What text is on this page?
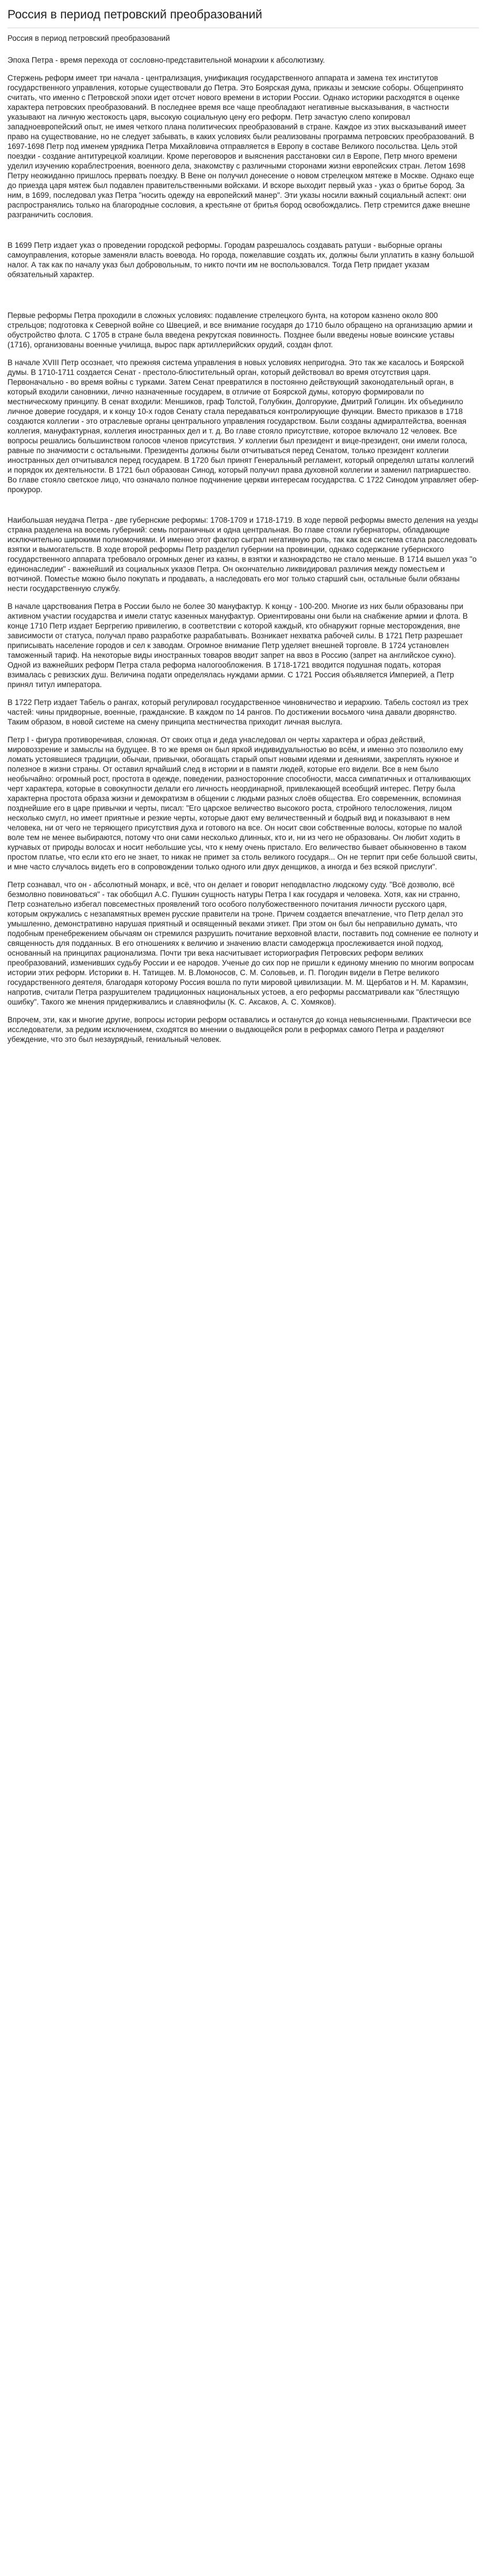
Россия в период петровский преобразований
Россия в период петровский преобразований

Эпоха Петра - время перехода от сословно-представительной монархии к абсолютизму.

Стержень реформ имеет три начала - централизация, унификация государственного аппарата и замена тех институтов государственного управления, которые существовали до Петра. Это Боярская дума, приказы и земские соборы. Общепринято считать, что именно с Петровской эпохи идет отсчет нового времени в истории России. Однако историки расходятся в оценке характера петровских преобразований. В последнее время все чаще преобладают негативные высказывания, в частности указывают на личную жестокость царя, высокую социальную цену его реформ. Петр зачастую слепо копировал западноевропейский опыт, не имея четкого плана политических преобразований в стране. Каждое из этих высказываний имеет право на существование, но не следует забывать, в каких условиях были реализованы программа петровских преобразований. В 1697-1698 Петр под именем урядника Петра Михайловича отправляется в Европу в составе Великого посольства. Цель этой поездки - создание антитурецкой коалиции. Кроме переговоров и выяснения расстановки сил в Европе, Петр много времени уделил изучению кораблестроения, военного дела, знакомству с различными сторонами жизни европейских стран. Летом 1698 Петру неожиданно пришлось прервать поездку. В Вене он получил донесение о новом стрелецком мятеже в Москве. Однако еще до приезда царя мятеж был подавлен правительственными войсками. И вскоре выходит первый указ - указ о бритье бород. За ним, в 1699, последовал указ Петра "носить одежду на европейский манер". Эти указы носили важный социальный аспект: они распространялись только на благородные сословия, а крестьяне от бритья бород освобождались. Петр стремится даже внешне разграничить сословия.

В 1699 Петр издает указ о проведении городской реформы. Городам разрешалось создавать ратуши - выборные органы самоуправления, которые заменяли власть воевода. Но города, пожелавшие создать их, должны были уплатить в казну большой налог. А так как по началу указ был добровольным, то никто почти им не воспользовался. Тогда Петр придает указам обязательный характер.

Первые реформы Петра проходили в сложных условиях: подавление стрелецкого бунта, на котором казнено около 800 стрельцов; подготовка к Северной войне со Швецией, и все внимание государя до 1710 было обращено на организацию армии и обустройство флота. С 1705 в стране была введена рекрутская повинность. Позднее были введены новые воинские уставы (1716), организованы военные училища, вырос парк артиллерийских орудий, создан флот.

В начале XVIII Петр осознает, что прежняя система управления в новых условиях непригодна. Это так же касалось и Боярской думы. В 1710-1711 создается Сенат - престоло-блюстительный орган, который действовал во время отсутствия царя. Первоначально - во время войны с турками. Затем Сенат превратился в постоянно действующий законодательный орган, в который входили сановники, лично назначенные государем, в отличие от Боярской думы, которую формировали по местническому принципу. В сенат входили: Меншиков, граф Толстой, Голубкин, Долгорукие, Дмитрий Голицин. Их объединило личное доверие государя, и к концу 10-х годов Сенату стала передаваться контролирующие функции. Вместо приказов в 1718 создаются коллегии - это отраслевые органы центрального управления государством. Были созданы адмиралтейства, военная коллегия, мануфактурная, коллегия иностранных дел и т. д. Во главе стояло присутствие, которое включало 12 человек. Все вопросы решались большинством голосов членов присутствия. У коллегии был президент и вице-президент, они имели голоса, равные по значимости с остальными. Президенты должны были отчитываться перед Сенатом, только президент коллегии иностранных дел отчитывался перед государем. В 1720 был принят Генеральный регламент, который определял штаты коллегий и порядок их деятельности. В 1721 был образован Синод, который получил права духовной коллегии и заменил патриаршество. Во главе стояло светское лицо, что означало полное подчинение церкви интересам государства. С 1722 Синодом управляет обер-прокурор.

Наибольшая неудача Петра - две губернские реформы: 1708-1709 и 1718-1719. В ходе первой реформы вместо деления на уезды страна разделена на восемь губерний: семь пограничных и одна центральная. Во главе стояли губернаторы, обладающие исключительно широкими полномочиями. И именно этот фактор сыграл негативную роль, так как вся система стала расследовать взятки и вымогательств. В ходе второй реформы Петр разделил губернии на провинции, однако содержание губернского государственного аппарата требовало огромных денег из казны, в взятки и казнокрадство не стало меньше. В 1714 вышел указ "о единонаследии" - важнейший из социальных указов Петра. Он окончательно ликвидировал различия между поместьем и вотчиной. Поместье можно было покупать и продавать, а наследовать его мог только старший сын, остальные были обязаны нести государственную службу.

В начале царствования Петра в России было не более 30 мануфактур. К концу - 100-200. Многие из них были образованы при активном участии государства и имели статус казенных мануфактур. Ориентированы они были на снабжение армии и флота. В конце 1710 Петр издает Бергрегию привилегию, в соответствии с которой каждый, кто обнаружит горные месторождения, вне зависимости от статуса, получал право разработке разрабатывать. Возникает нехватка рабочей силы. В 1721 Петр разрешает приписывать население городов и сел к заводам. Огромное внимание Петр уделяет внешней торговле. В 1724 установлен таможенный тариф. На некоторые виды иностранных товаров вводит запрет на ввоз в Россию (запрет на английское сукно). Одной из важнейших реформ Петра стала реформа налогообложения. В 1718-1721 вводится подушная подать, которая взималась с ревизских душ. Величина подати определялась нуждами армии. С 1721 Россия объявляется Империей, а Петр принял титул императора.

В 1722 Петр издает Табель о рангах, который регулировал государственное чиновничество и иерархию. Табель состоял из трех частей: чины придворные, военные, гражданские. В каждом по 14 рангов. По достижении восьмого чина давали дворянство. Таким образом, в новой системе на смену принципа местничества приходит личная выслуга.

Петр I - фигура противоречивая, сложная. От своих отца и деда унаследовал он черты характера и образ действий, мировоззрение и замыслы на будущее. В то же время он был яркой индивидуальностью во всём, и именно это позволило ему ломать устоявшиеся традиции, обычаи, привычки, обогащать старый опыт новыми идеями и деяниями, закреплять нужное и полезное в жизни страны. От оставил ярчайший след в истории и в памяти людей, которые его видели. Все в нем было необычайно: огромный рост, простота в одежде, поведении, разносторонние способности, масса симпатичных и отталкивающих черт характера, которые в совокупности делали его личность неординарной, привлекающей всеобщий интерес. Петру была характерна простота образа жизни и демократизм в общении с людьми разных слоёв общества. Его современник, вспоминая позднейшие его в царе привычки и черты, писал: "Его царское величество высокого роста, стройного телосложения, лицом несколько смугл, но имеет приятные и резкие черты, которые дают ему величественный и бодрый вид и показывают в нем человека, ни от чего не теряющего присутствия духа и готового на все. Он носит свои собственные волосы, которые по малой воле тем не менее выбираются, потому что они сами несколько длинных, кто и, ни из чего не образованы. Он любит ходить в курчавых от природы волосах и носит небольшие усы, что к нему очень пристало. Его величество бывает обыкновенно в таком простом платье, что если кто его не знает, то никак не примет за столь великого государя... Он не терпит при себе большой свиты, и мне часто случалось видеть его в сопровождении только одного или двух денщиков, а иногда и без всякой прислуги".

Петр сознавал, что он - абсолютный монарх, и всё, что он делает и говорит неподвластно людскому суду. "Всё дозволю, всё безмолвно повиноваться" - так обобщил А.С. Пушкин сущность натуры Петра I как государя и человека. Хотя, как ни странно, Петр сознательно избегал повсеместных проявлений того особого полубожественного почитания личности русского царя, которым окружались с незапамятных времен русские правители на троне. Причем создается впечатление, что Петр делал это умышленно, демонстративно нарушая приятный и освященный веками этикет. При этом он был бы неправильно думать, что подобным пренебрежением обычаям он стремился разрушить почитание верховной власти, поставить под сомнение ее полноту и священность для подданных. В его отношениях к величию и значению власти самодержца прослеживается иной подход, основанный на принципах рационализма. Почти три века насчитывает историография Петровских реформ великих преобразований, изменивших судьбу России и ее народов. Ученые до сих пор не пришли к единому мнению по многим вопросам истории этих реформ. Историки в. Н. Татищев. М. В.Ломоносов, С. М. Соловьев, и. П. Погодин видели в Петре великого государственного деятеля, благодаря которому Россия вошла по пути мировой цивилизации. М. М. Щербатов и Н. М. Карамзин, напротив, считали Петра разрушителем традиционных национальных устоев, а его реформы рассматривали как "блестящую ошибку". Такого же мнения придерживались и славянофилы (К. С. Аксаков, А. С. Хомяков).

Впрочем, эти, как и многие другие, вопросы истории реформ оставались и останутся до конца невыясненными. Практически все исследователи, за редким исключением, сходятся во мнении о выдающейся роли в реформах самого Петра и разделяют убеждение, что это был незаурядный, гениальный человек.
